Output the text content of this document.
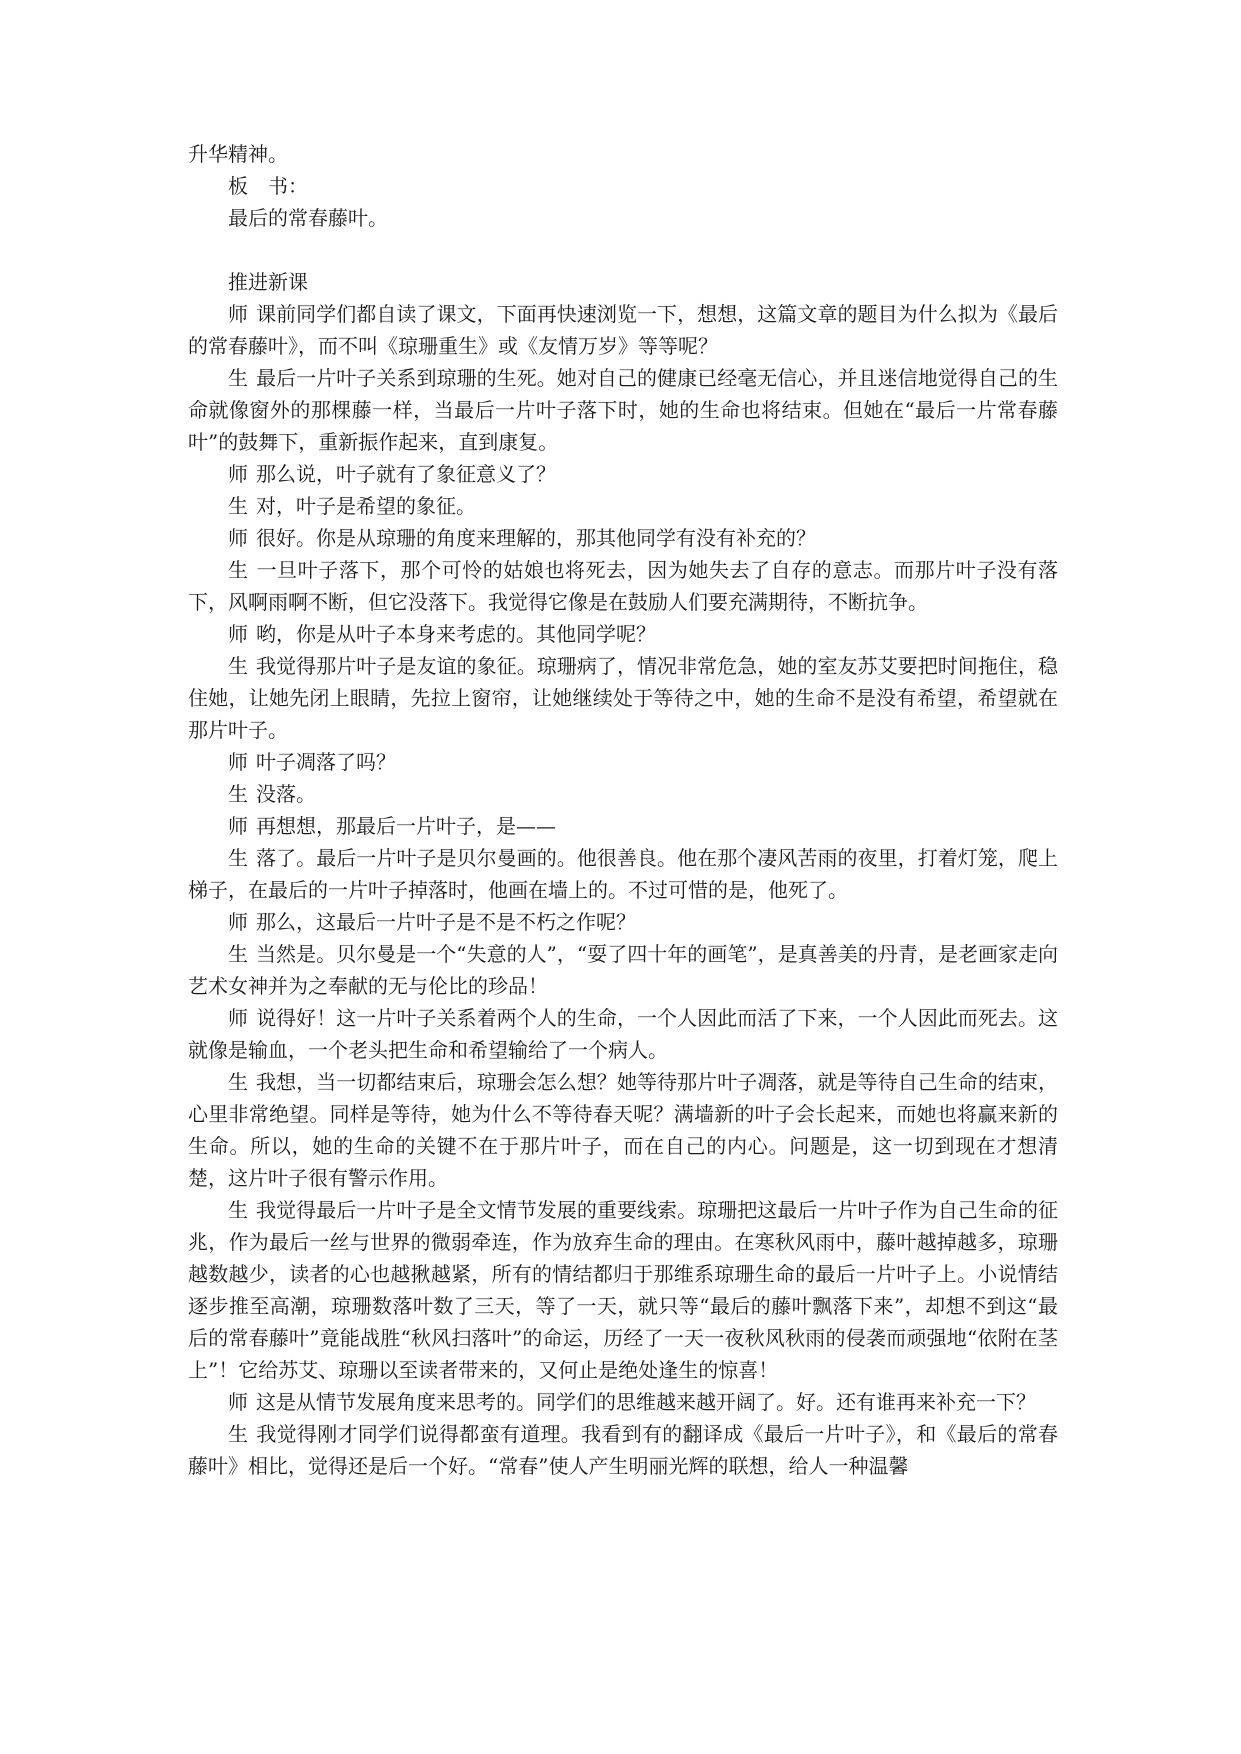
升华精神。

板　书：

最后的常春藤叶。

推进新课

师 课前同学们都自读了课文，下面再快速浏览一下，想想，这篇文章的题目为什么拟为《最后的常春藤叶》，而不叫《琼珊重生》或《友情万岁》等等呢？

生 最后一片叶子关系到琼珊的生死。她对自己的健康已经毫无信心，并且迷信地觉得自己的生命就像窗外的那棵藤一样，当最后一片叶子落下时，她的生命也将结束。但她在“最后一片常春藤叶”的鼓舞下，重新振作起来，直到康复。

师 那么说，叶子就有了象征意义了？

生 对，叶子是希望的象征。

师 很好。你是从琼珊的角度来理解的，那其他同学有没有补充的？

生 一旦叶子落下，那个可怜的姑娘也将死去，因为她失去了自存的意志。而那片叶子没有落下，风啊雨啊不断，但它没落下。我觉得它像是在鼓励人们要充满期待，不断抗争。

师 哟，你是从叶子本身来考虑的。其他同学呢？

生 我觉得那片叶子是友谊的象征。琼珊病了，情况非常危急，她的室友苏艾要把时间拖住，稳住她，让她先闭上眼睛，先拉上窗帘，让她继续处于等待之中，她的生命不是没有希望，希望就在那片叶子。

师 叶子凋落了吗？

生 没落。

师 再想想，那最后一片叶子，是——

生 落了。最后一片叶子是贝尔曼画的。他很善良。他在那个凄风苦雨的夜里，打着灯笼，爬上梯子，在最后的一片叶子掉落时，他画在墙上的。不过可惜的是，他死了。

师 那么，这最后一片叶子是不是不朽之作呢？

生 当然是。贝尔曼是一个“失意的人”，“耍了四十年的画笔”，是真善美的丹青，是老画家走向艺术女神并为之奉献的无与伦比的珍品！

师 说得好！这一片叶子关系着两个人的生命，一个人因此而活了下来，一个人因此而死去。这就像是输血，一个老头把生命和希望输给了一个病人。

生 我想，当一切都结束后，琼珊会怎么想？她等待那片叶子凋落，就是等待自己生命的结束，心里非常绝望。同样是等待，她为什么不等待春天呢？满墙新的叶子会长起来，而她也将赢来新的生命。所以，她的生命的关键不在于那片叶子，而在自己的内心。问题是，这一切到现在才想清楚，这片叶子很有警示作用。

生 我觉得最后一片叶子是全文情节发展的重要线索。琼珊把这最后一片叶子作为自己生命的征兆，作为最后一丝与世界的微弱牵连，作为放弃生命的理由。在寒秋风雨中，藤叶越掉越多，琼珊越数越少，读者的心也越揪越紧，所有的情结都归于那维系琼珊生命的最后一片叶子上。小说情结逐步推至高潮，琼珊数落叶数了三天，等了一天，就只等“最后的藤叶飘落下来”，却想不到这“最后的常春藤叶”竟能战胜“秋风扫落叶”的命运，历经了一天一夜秋风秋雨的侵袭而顽强地“依附在茎上”！它给苏艾、琼珊以至读者带来的，又何止是绝处逢生的惊喜！

师 这是从情节发展角度来思考的。同学们的思维越来越开阔了。好。还有谁再来补充一下？

生 我觉得刚才同学们说得都蛮有道理。我看到有的翻译成《最后一片叶子》，和《最后的常春藤叶》相比，觉得还是后一个好。“常春”使人产生明丽光辉的联想，给人一种温馨
